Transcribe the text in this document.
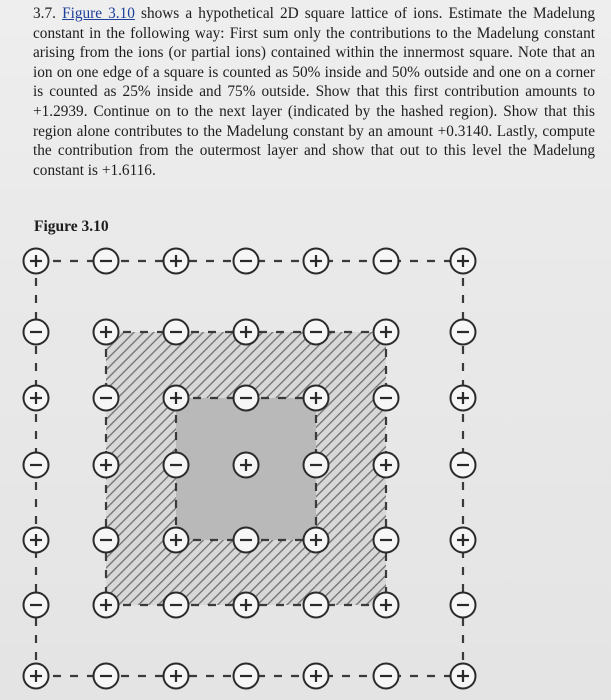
3.7. Figure 3.10 shows a hypothetical 2D square lattice of ions. Estimate the Madelung constant in the following way: First sum only the contributions to the Madelung constant arising from the ions (or partial ions) contained within the innermost square. Note that an ion on one edge of a square is counted as 50% inside and 50% outside and one on a corner is counted as 25% inside and 75% outside. Show that this first contribution amounts to +1.2939. Continue on to the next layer (indicated by the hashed region). Show that this region alone contributes to the Madelung constant by an amount +0.3140. Lastly, compute the contribution from the outermost layer and show that out to this level the Madelung constant is +1.6116.

Figure 3.10
